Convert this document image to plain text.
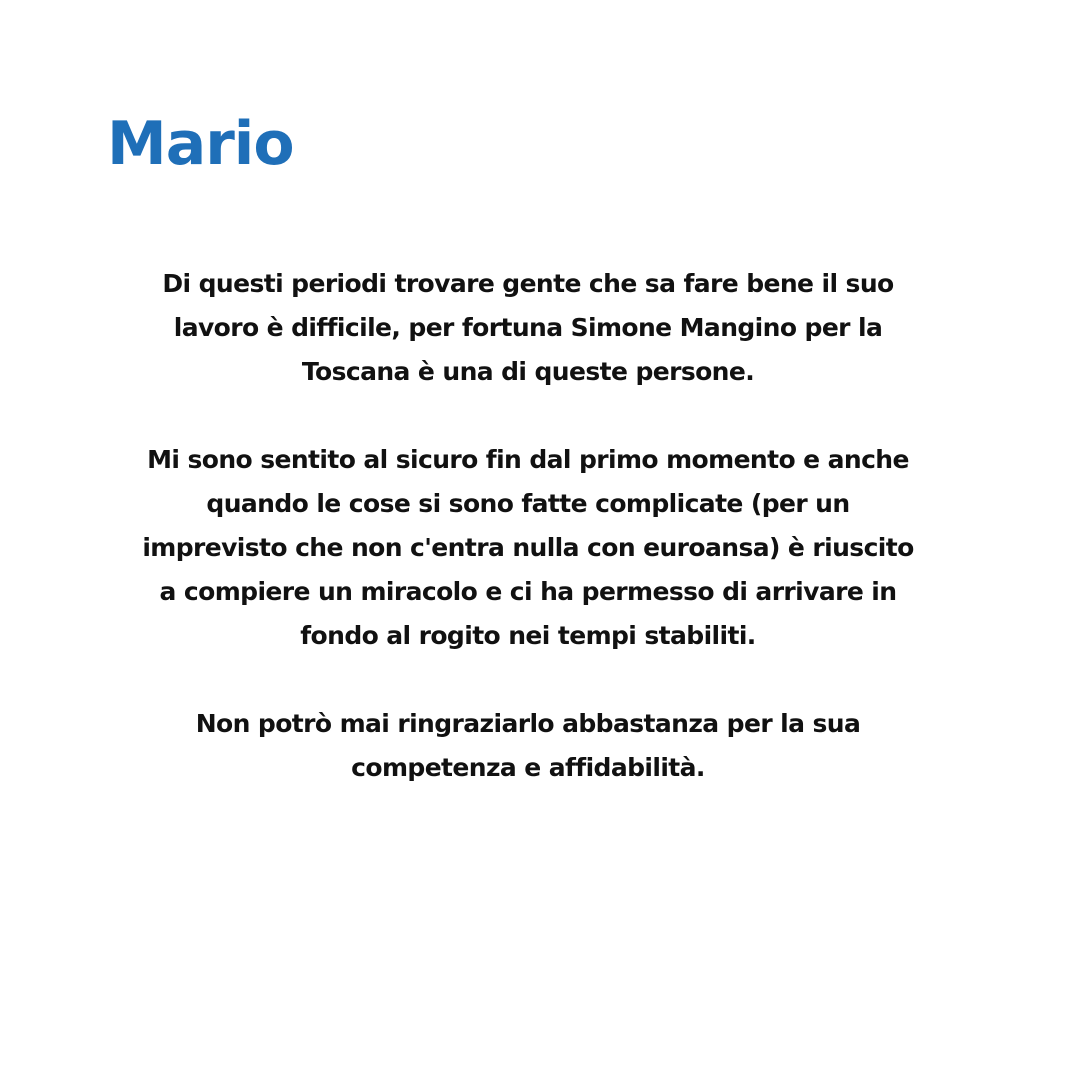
Mario

Di questi periodi trovare gente che sa fare bene il suo
lavoro è difficile, per fortuna Simone Mangino per la
Toscana è una di queste persone.

Mi sono sentito al sicuro fin dal primo momento e anche
quando le cose si sono fatte complicate (per un
imprevisto che non c'entra nulla con euroansa) è riuscito
a compiere un miracolo e ci ha permesso di arrivare in
fondo al rogito nei tempi stabiliti.

Non potrò mai ringraziarlo abbastanza per la sua
competenza e affidabilità.
